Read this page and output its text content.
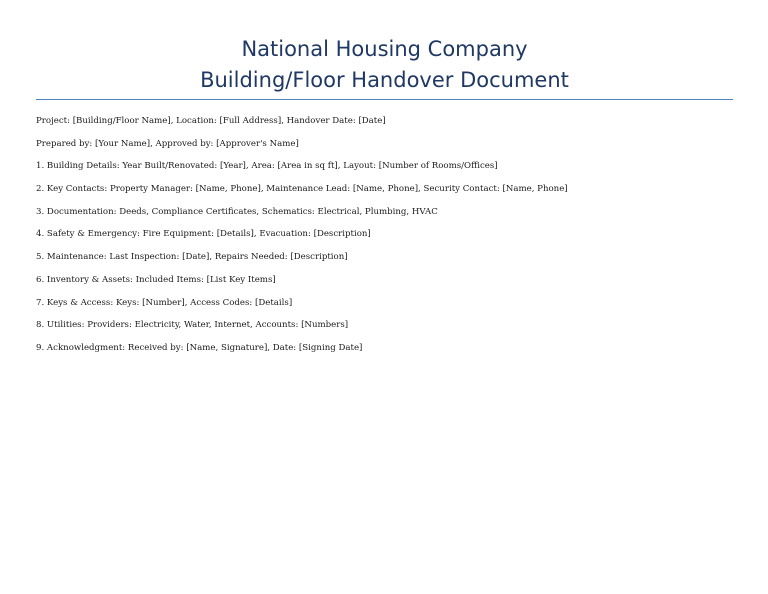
National Housing Company
Building/Floor Handover Document
Project: [Building/Floor Name], Location: [Full Address], Handover Date: [Date]
Prepared by: [Your Name], Approved by: [Approver's Name]
1. Building Details: Year Built/Renovated: [Year], Area: [Area in sq ft], Layout: [Number of Rooms/Offices]
2. Key Contacts: Property Manager: [Name, Phone], Maintenance Lead: [Name, Phone], Security Contact: [Name, Phone]
3. Documentation: Deeds, Compliance Certificates, Schematics: Electrical, Plumbing, HVAC
4. Safety & Emergency: Fire Equipment: [Details], Evacuation: [Description]
5. Maintenance: Last Inspection: [Date], Repairs Needed: [Description]
6. Inventory & Assets: Included Items: [List Key Items]
7. Keys & Access: Keys: [Number], Access Codes: [Details]
8. Utilities: Providers: Electricity, Water, Internet, Accounts: [Numbers]
9. Acknowledgment: Received by: [Name, Signature], Date: [Signing Date]
